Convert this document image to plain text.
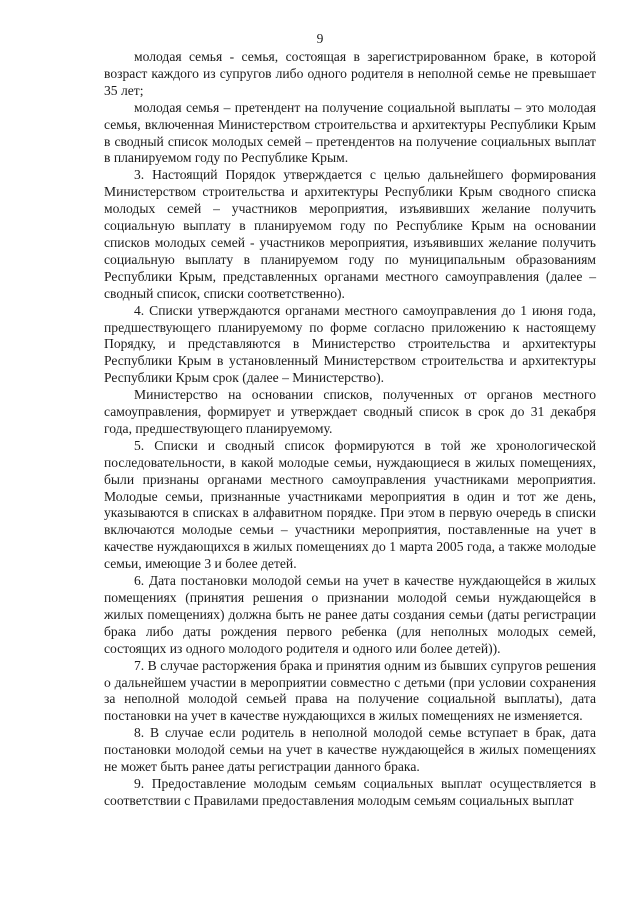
9

молодая семья - семья, состоящая в зарегистрированном браке, в которой возраст каждого из супругов либо одного родителя в неполной семье не превышает 35 лет;

молодая семья – претендент на получение социальной выплаты – это молодая семья, включенная Министерством строительства и архитектуры Республики Крым в сводный список молодых семей – претендентов на получение социальных выплат в планируемом году по Республике Крым.

3. Настоящий Порядок утверждается с целью дальнейшего формирования Министерством строительства и архитектуры Республики Крым сводного списка молодых семей – участников мероприятия, изъявивших желание получить социальную выплату в планируемом году по Республике Крым на основании списков молодых семей - участников мероприятия, изъявивших желание получить социальную выплату в планируемом году по муниципальным образованиям Республики Крым, представленных органами местного самоуправления (далее – сводный список, списки соответственно).

4. Списки утверждаются органами местного самоуправления до 1 июня года, предшествующего планируемому по форме согласно приложению к настоящему Порядку, и представляются в Министерство строительства и архитектуры Республики Крым в установленный Министерством строительства и архитектуры Республики Крым срок (далее – Министерство).

Министерство на основании списков, полученных от органов местного самоуправления, формирует и утверждает сводный список в срок до 31 декабря года, предшествующего планируемому.

5. Списки и сводный список формируются в той же хронологической последовательности, в какой молодые семьи, нуждающиеся в жилых помещениях, были признаны органами местного самоуправления участниками мероприятия. Молодые семьи, признанные участниками мероприятия в один и тот же день, указываются в списках в алфавитном порядке. При этом в первую очередь в списки включаются молодые семьи – участники мероприятия, поставленные на учет в качестве нуждающихся в жилых помещениях до 1 марта 2005 года, а также молодые семьи, имеющие 3 и более детей.

6. Дата постановки молодой семьи на учет в качестве нуждающейся в жилых помещениях (принятия решения о признании молодой семьи нуждающейся в жилых помещениях) должна быть не ранее даты создания семьи (даты регистрации брака либо даты рождения первого ребенка (для неполных молодых семей, состоящих из одного молодого родителя и одного или более детей)).

7. В случае расторжения брака и принятия одним из бывших супругов решения о дальнейшем участии в мероприятии совместно с детьми (при условии сохранения за неполной молодой семьей права на получение социальной выплаты), дата постановки на учет в качестве нуждающихся в жилых помещениях не изменяется.

8. В случае если родитель в неполной молодой семье вступает в брак, дата постановки молодой семьи на учет в качестве нуждающейся в жилых помещениях не может быть ранее даты регистрации данного брака.

9. Предоставление молодым семьям социальных выплат осуществляется в соответствии с Правилами предоставления молодым семьям социальных выплат
